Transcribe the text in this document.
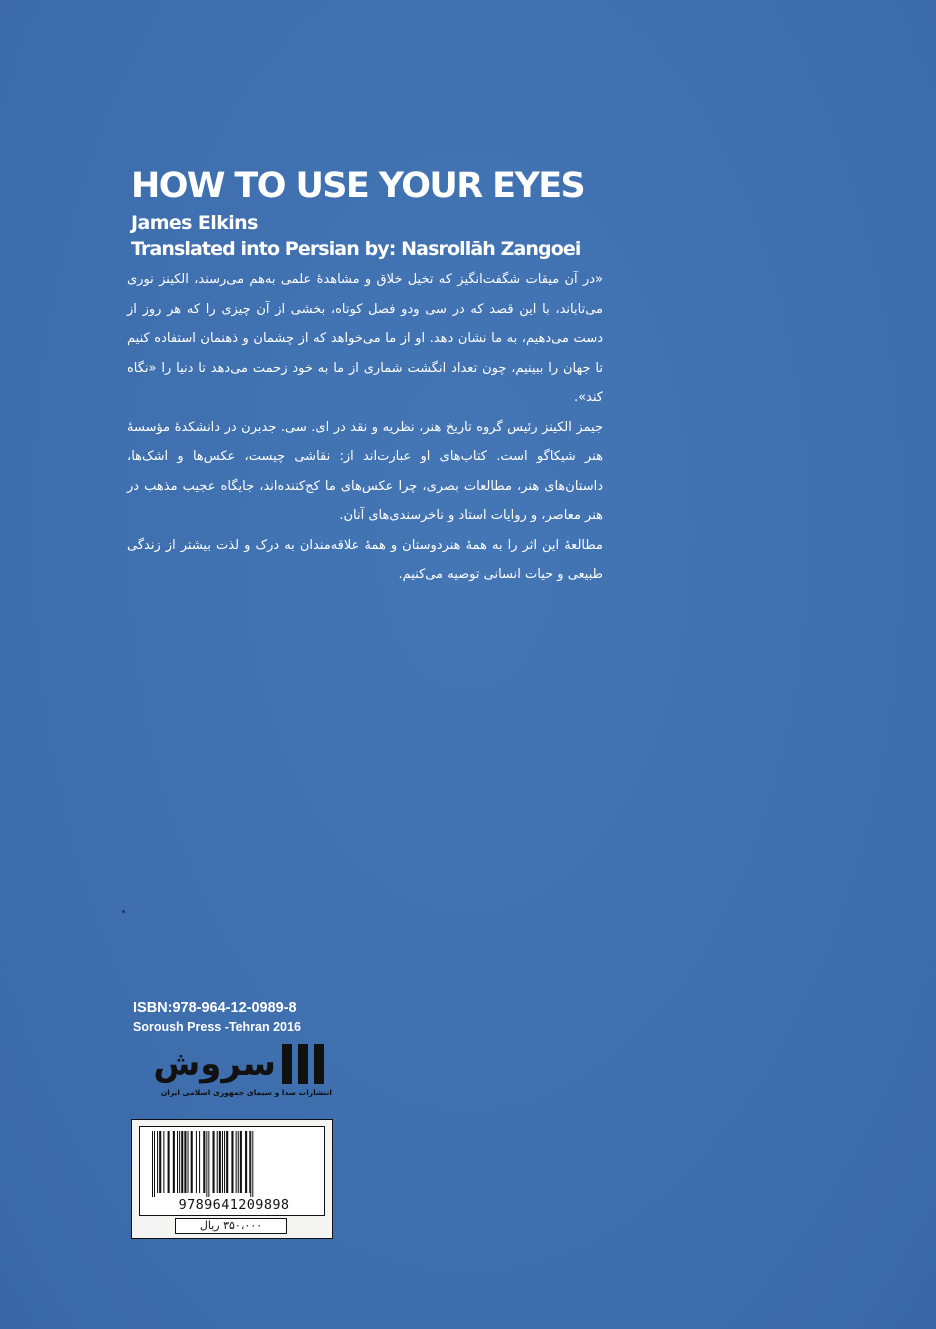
HOW TO USE YOUR EYES
James Elkins
Translated into Persian by: Nasrollāh Zangoei

«در آن میقات شگفت‌انگیز که تخیل خلاق و مشاهدهٔ علمی به‌هم می‌رسند، الکینز نوری می‌تاباند، با این قصد که در سی ودو فصل کوتاه، بخشی از آن چیزی را که هر روز از دست می‌دهیم، به ما نشان دهد. او از ما می‌خواهد که از چشمان و ذهنمان استفاده کنیم تا جهان را ببینیم، چون تعداد انگشت شماری از ما به خود زحمت می‌دهد تا دنیا را «نگاه کند».

جیمز الکینز رئیس گروه تاریخ هنر، نظریه و نقد در ای. سی. جدبرن در دانشکدهٔ مؤسسهٔ هنر شیکاگو است. کتاب‌های او عبارت‌اند از: نقاشی چیست، عکس‌ها و اشک‌ها، داستان‌های هنر، مطالعات بصری، چرا عکس‌های ما کج‌کننده‌اند، جایگاه عجیب مذهب در هنر معاصر، و روایات استاد و ناخرسندی‌های آنان.

مطالعهٔ این اثر را به همهٔ هنردوستان و همهٔ علاقه‌مندان به درک و لذت بیشتر از زندگی طبیعی و حیات انسانی توصیه می‌کنیم.

ISBN:978-964-12-0989-8
Soroush Press -Tehran 2016
سروش
انتشارات صدا و سیمای جمهوری اسلامی ایران
9789641209898
۳۵۰،۰۰۰ ریال
